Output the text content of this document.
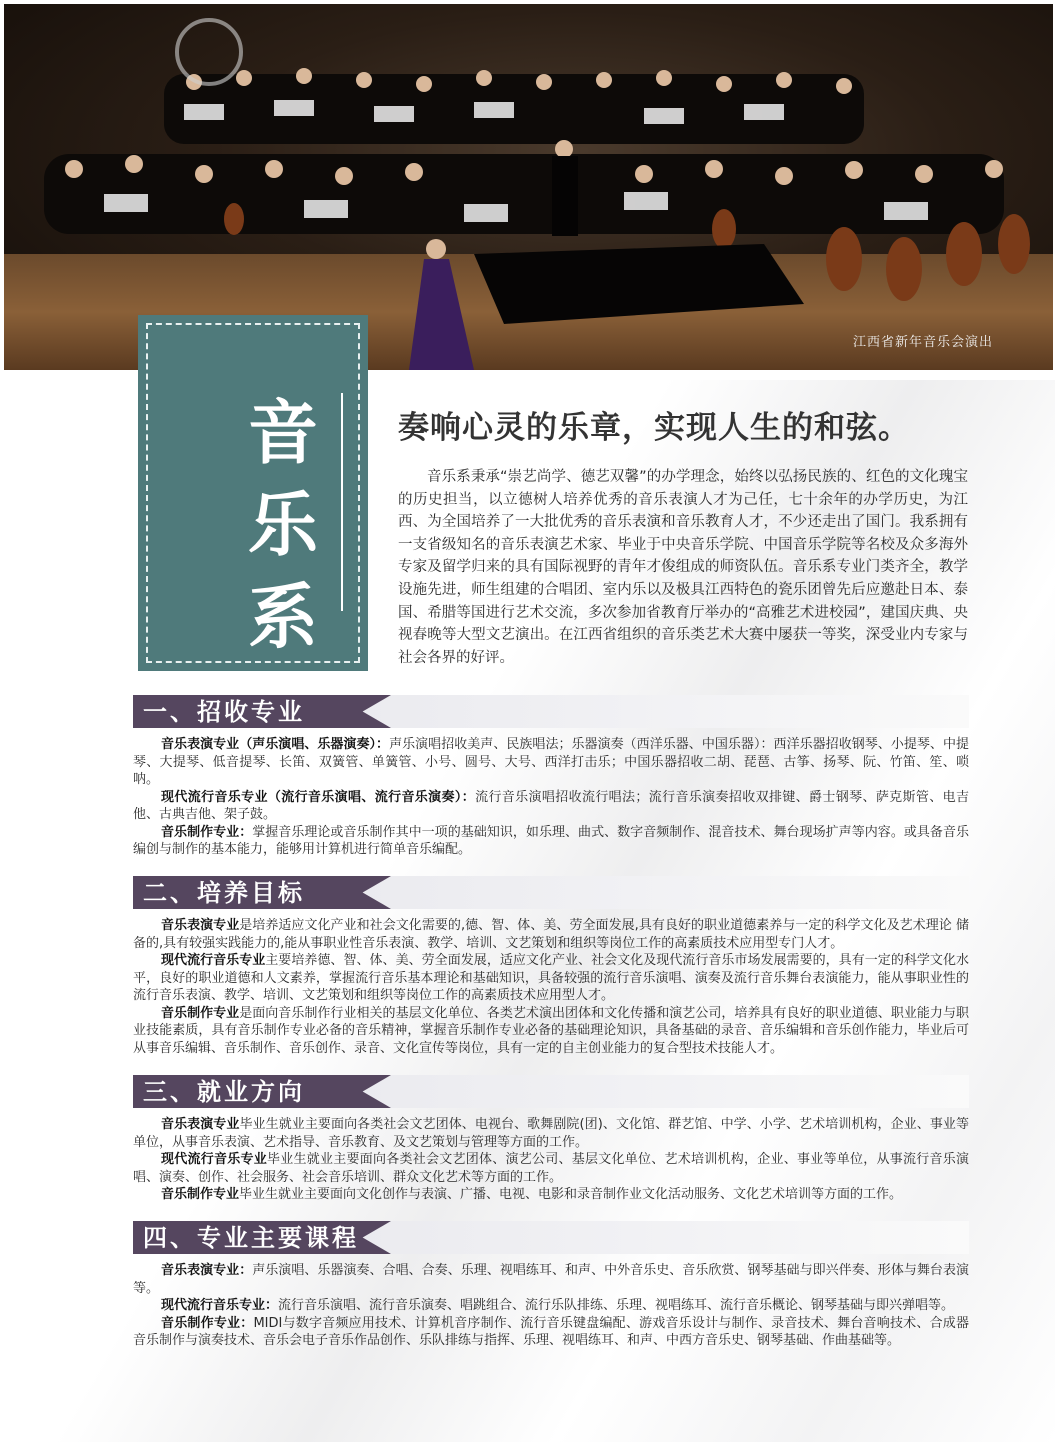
江西省新年音乐会演出
音
乐
系
奏响心灵的乐章，实现人生的和弦。
音乐系秉承“崇艺尚学、德艺双馨”的办学理念，始终以弘扬民族的、红色的文化瑰宝的历史担当，以立德树人培养优秀的音乐表演人才为己任，七十余年的办学历史，为江西、为全国培养了一大批优秀的音乐表演和音乐教育人才，不少还走出了国门。我系拥有一支省级知名的音乐表演艺术家、毕业于中央音乐学院、中国音乐学院等名校及众多海外专家及留学归来的具有国际视野的青年才俊组成的师资队伍。音乐系专业门类齐全，教学设施先进，师生组建的合唱团、室内乐以及极具江西特色的瓷乐团曾先后应邀赴日本、泰国、希腊等国进行艺术交流，多次参加省教育厅举办的“高雅艺术进校园”，建国庆典、央视春晚等大型文艺演出。在江西省组织的音乐类艺术大赛中屡获一等奖，深受业内专家与社会各界的好评。
一、招收专业

音乐表演专业（声乐演唱、乐器演奏）：声乐演唱招收美声、民族唱法；乐器演奏（西洋乐器、中国乐器）：西洋乐器招收钢琴、小提琴、中提琴、大提琴、低音提琴、长笛、双簧管、单簧管、小号、圆号、大号、西洋打击乐；中国乐器招收二胡、琵琶、古筝、扬琴、阮、竹笛、笙、唢呐。

现代流行音乐专业（流行音乐演唱、流行音乐演奏）：流行音乐演唱招收流行唱法；流行音乐演奏招收双排键、爵士钢琴、萨克斯管、电吉他、古典吉他、架子鼓。

音乐制作专业：掌握音乐理论或音乐制作其中一项的基础知识，如乐理、曲式、数字音频制作、混音技术、舞台现场扩声等内容。或具备音乐编创与制作的基本能力，能够用计算机进行简单音乐编配。

二、培养目标

音乐表演专业是培养适应文化产业和社会文化需要的,德、智、体、美、劳全面发展,具有良好的职业道德素养与一定的科学文化及艺术理论 储备的,具有较强实践能力的,能从事职业性音乐表演、教学、培训、文艺策划和组织等岗位工作的高素质技术应用型专门人才。

现代流行音乐专业主要培养德、智、体、美、劳全面发展，适应文化产业、社会文化及现代流行音乐市场发展需要的，具有一定的科学文化水平，良好的职业道德和人文素养，掌握流行音乐基本理论和基础知识，具备较强的流行音乐演唱、演奏及流行音乐舞台表演能力，能从事职业性的流行音乐表演、教学、培训、文艺策划和组织等岗位工作的高素质技术应用型人才。

音乐制作专业是面向音乐制作行业相关的基层文化单位、各类艺术演出团体和文化传播和演艺公司，培养具有良好的职业道德、职业能力与职业技能素质，具有音乐制作专业必备的音乐精神，掌握音乐制作专业必备的基础理论知识，具备基础的录音、音乐编辑和音乐创作能力，毕业后可从事音乐编辑、音乐制作、音乐创作、录音、文化宣传等岗位，具有一定的自主创业能力的复合型技术技能人才。

三、就业方向

音乐表演专业毕业生就业主要面向各类社会文艺团体、电视台、歌舞剧院(团)、文化馆、群艺馆、中学、小学、艺术培训机构，企业、事业等单位，从事音乐表演、艺术指导、音乐教育、及文艺策划与管理等方面的工作。

现代流行音乐专业毕业生就业主要面向各类社会文艺团体、演艺公司、基层文化单位、艺术培训机构，企业、事业等单位，从事流行音乐演唱、演奏、创作、社会服务、社会音乐培训、群众文化艺术等方面的工作。

音乐制作专业毕业生就业主要面向文化创作与表演、广播、电视、电影和录音制作业文化活动服务、文化艺术培训等方面的工作。

四、专业主要课程

音乐表演专业：声乐演唱、乐器演奏、合唱、合奏、乐理、视唱练耳、和声、中外音乐史、音乐欣赏、钢琴基础与即兴伴奏、形体与舞台表演等。

现代流行音乐专业：流行音乐演唱、流行音乐演奏、唱跳组合、流行乐队排练、乐理、视唱练耳、流行音乐概论、钢琴基础与即兴弹唱等。

音乐制作专业：MIDI与数字音频应用技术、计算机音序制作、流行音乐键盘编配、游戏音乐设计与制作、录音技术、舞台音响技术、合成器音乐制作与演奏技术、音乐会电子音乐作品创作、乐队排练与指挥、乐理、视唱练耳、和声、中西方音乐史、钢琴基础、作曲基础等。
